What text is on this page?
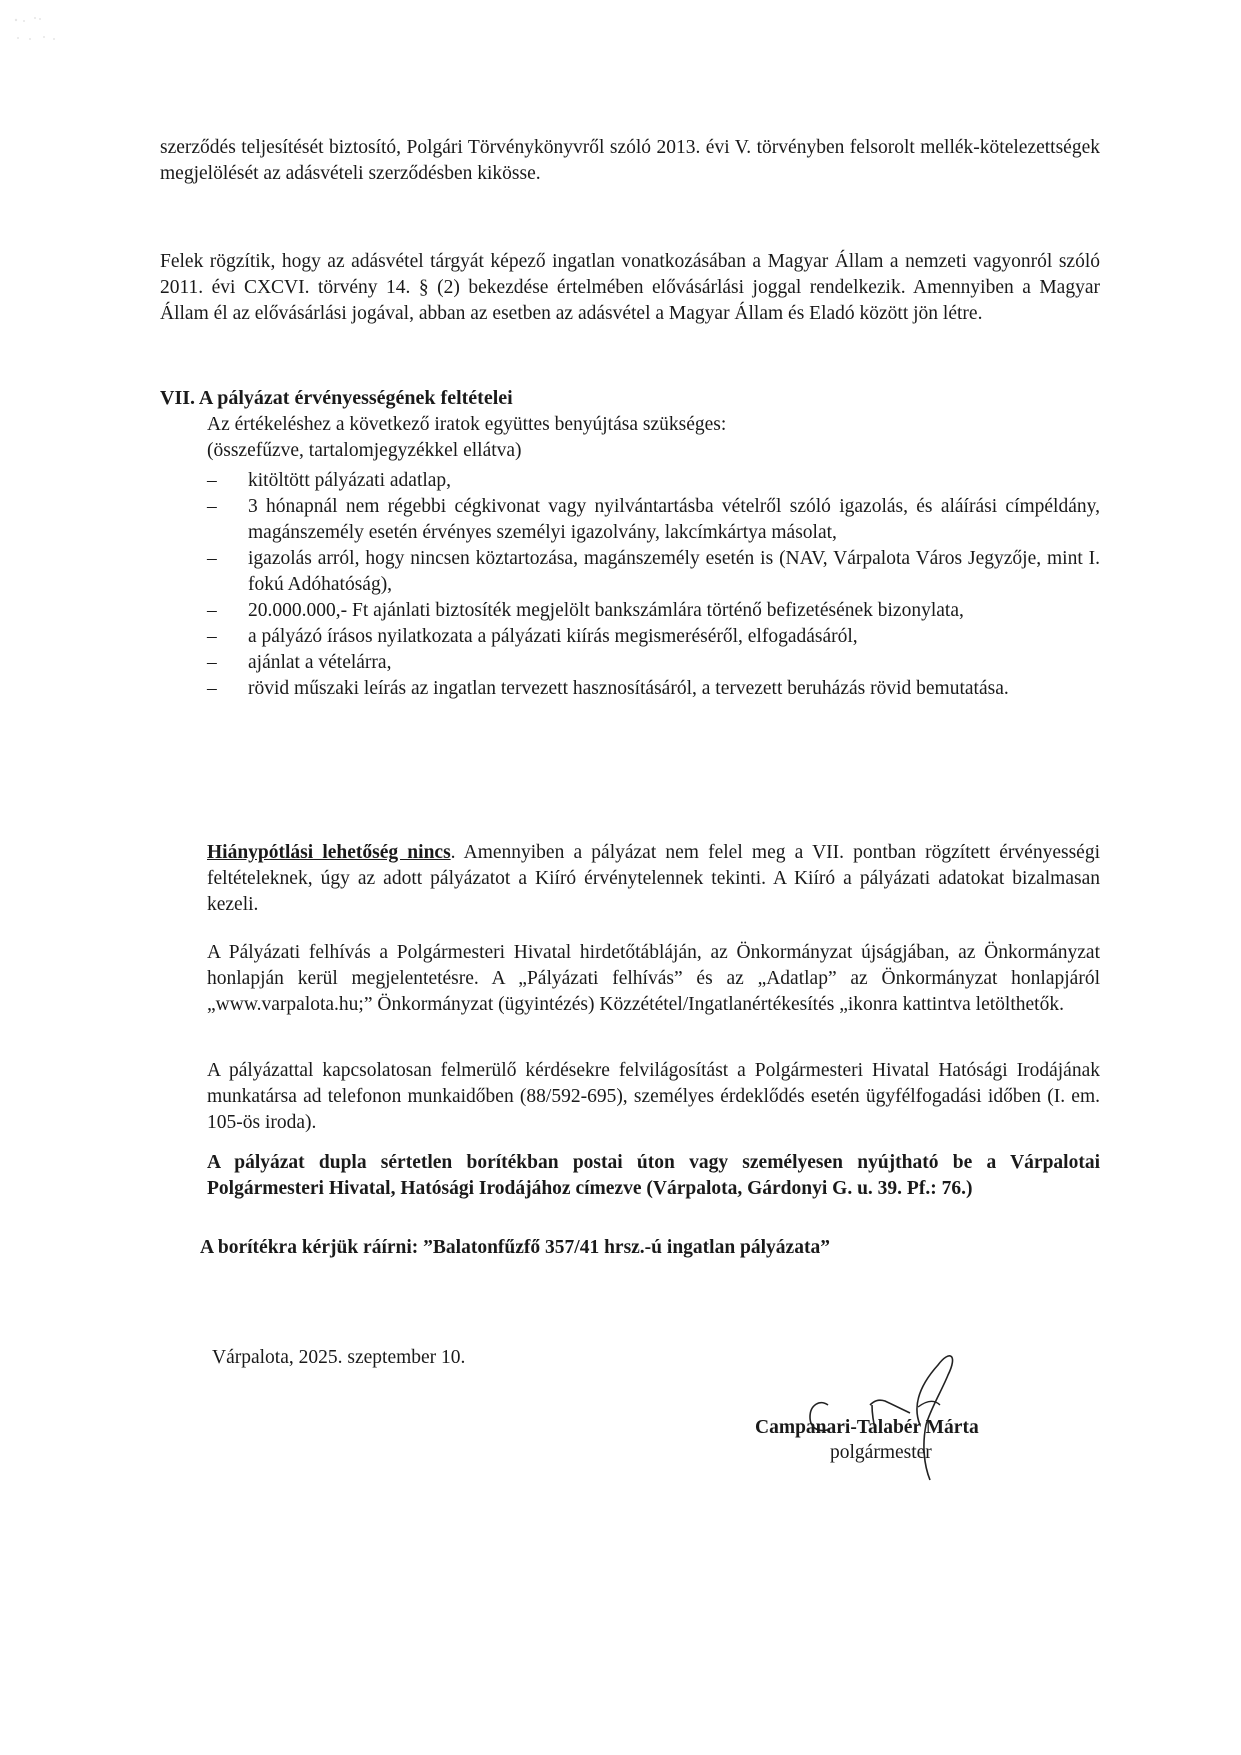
szerződés teljesítését biztosító, Polgári Törvénykönyvről szóló 2013. évi V. törvényben felsorolt mellék-kötelezettségek megjelölését az adásvételi szerződésben kikösse.

Felek rögzítik, hogy az adásvétel tárgyát képező ingatlan vonatkozásában a Magyar Állam a nemzeti vagyonról szóló 2011. évi CXCVI. törvény 14. § (2) bekezdése értelmében elővásárlási joggal rendelkezik. Amennyiben a Magyar Állam él az elővásárlási jogával, abban az esetben az adásvétel a Magyar Állam és Eladó között jön létre.

VII. A pályázat érvényességének feltételei

Az értékeléshez a következő iratok együttes benyújtása szükséges:

(összefűzve, tartalomjegyzékkel ellátva)

– kitöltött pályázati adatlap,
– 3 hónapnál nem régebbi cégkivonat vagy nyilvántartásba vételről szóló igazolás, és aláírási címpéldány, magánszemély esetén érvényes személyi igazolvány, lakcímkártya másolat,
– igazolás arról, hogy nincsen köztartozása, magánszemély esetén is (NAV, Várpalota Város Jegyzője, mint I. fokú Adóhatóság),
– 20.000.000,- Ft ajánlati biztosíték megjelölt bankszámlára történő befizetésének bizonylata,
– a pályázó írásos nyilatkozata a pályázati kiírás megismeréséről, elfogadásáról,
– ajánlat a vételárra,
– rövid műszaki leírás az ingatlan tervezett hasznosításáról, a tervezett beruházás rövid bemutatása.

Hiánypótlási lehetőség nincs. Amennyiben a pályázat nem felel meg a VII. pontban rögzített érvényességi feltételeknek, úgy az adott pályázatot a Kiíró érvénytelennek tekinti. A Kiíró a pályázati adatokat bizalmasan kezeli.

A Pályázati felhívás a Polgármesteri Hivatal hirdetőtábláján, az Önkormányzat újságjában, az Önkormányzat honlapján kerül megjelentetésre. A „Pályázati felhívás” és az „Adatlap” az Önkormányzat honlapjáról „www.varpalota.hu;” Önkormányzat (ügyintézés) Közzététel/Ingatlanértékesítés „ikonra kattintva letölthetők.

A pályázattal kapcsolatosan felmerülő kérdésekre felvilágosítást a Polgármesteri Hivatal Hatósági Irodájának munkatársa ad telefonon munkaidőben (88/592-695), személyes érdeklődés esetén ügyfélfogadási időben (I. em. 105-ös iroda).

A pályázat dupla sértetlen borítékban postai úton vagy személyesen nyújtható be a Várpalotai Polgármesteri Hivatal, Hatósági Irodájához címezve (Várpalota, Gárdonyi G. u. 39. Pf.: 76.)

A borítékra kérjük ráírni: ”Balatonfűzfő 357/41 hrsz.-ú ingatlan pályázata”

Várpalota, 2025. szeptember 10.

Campanari-Talabér Márta
polgármester
